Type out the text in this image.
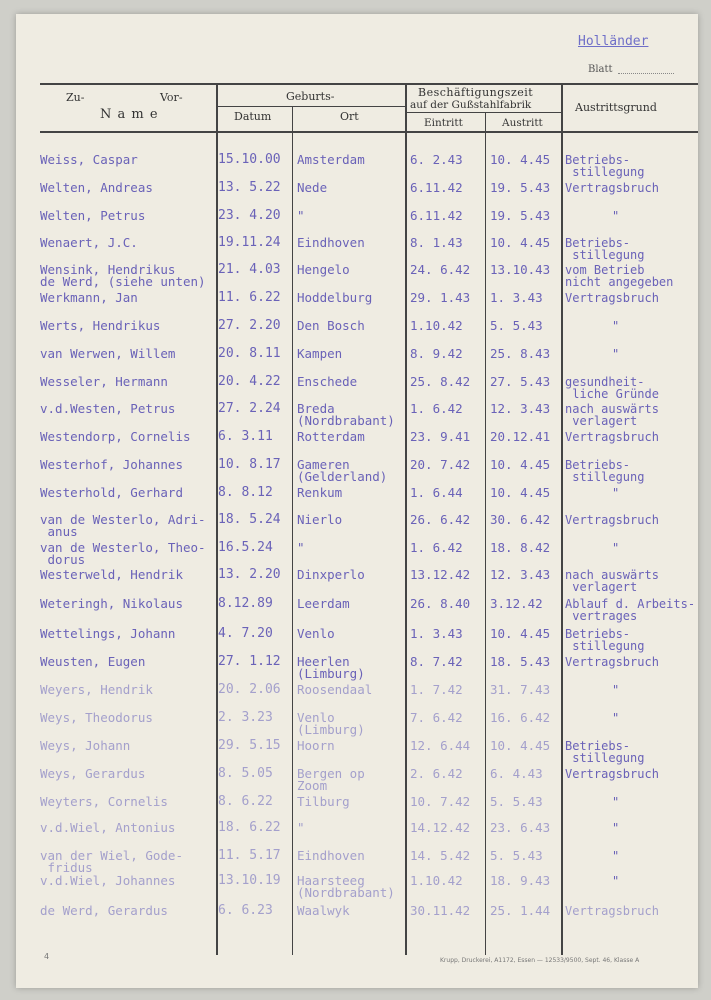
Holländer
Blatt
Zu-	Vor-
N a m e
Geburts-
Datum	Ort
Beschäftigungszeit
auf der Gußstahlfabrik
Eintritt	Austritt
Austrittsgrund
Weiss, Caspar	15.10.00 Amsterdam	6. 2.43 10. 4.45 Betriebs-
stillegung
Welten, Andreas	13. 5.22 Nede	6.11.42 19. 5.43 Vertragsbruch
Welten, Petrus	23. 4.20 "	6.11.42 19. 5.43	"
Wenaert, J.C.	19.11.24 Eindhoven	8. 1.43 10. 4.45 Betriebs-
stillegung
Wensink, Hendrikus
de Werd, (siehe unten)
21. 4.03 Hengelo	24. 6.42 13.10.43 vom Betrieb
nicht angegeben
Werkmann, Jan	11. 6.22 Hoddelburg	29. 1.43 1. 3.43 Vertragsbruch
Werts, Hendrikus	27. 2.20 Den Bosch	1.10.42 5. 5.43	"
van Werwen, Willem	20. 8.11 Kampen	8. 9.42 25. 8.43	"
Wesseler, Hermann	20. 4.22 Enschede	25. 8.42 27. 5.43 gesundheit-
liche Gründe
v.d.Westen, Petrus	27. 2.24 Breda
(Nordbrabant)
1. 6.42 12. 3.43 nach auswärts
verlagert
Westendorp, Cornelis 6. 3.11 Rotterdam	23. 9.41 20.12.41 Vertragsbruch
Westerhof, Johannes	10. 8.17 Gameren
(Gelderland)
20. 7.42 10. 4.45 Betriebs-
stillegung
Westerhold, Gerhard	8. 8.12 Renkum	1. 6.44 10. 4.45	"
van de Westerlo, Adri-
anus
18. 5.24 Nierlo	26. 6.42 30. 6.42 Vertragsbruch
van de Westerlo, Theo-
dorus
16.5.24 "	1. 6.42 18. 8.42	"
Westerweld, Hendrik	13. 2.20 Dinxperlo	13.12.42 12. 3.43 nach auswärts
verlagert
Weteringh, Nikolaus	8.12.89 Leerdam	26. 8.40 3.12.42 Ablauf d. Arbeits-
vertrages
Wettelings, Johann	4. 7.20 Venlo	1. 3.43 10. 4.45 Betriebs-
stillegung
Weusten, Eugen	27. 1.12 Heerlen
(Limburg)
8. 7.42 18. 5.43 Vertragsbruch
Weyers, Hendrik	20. 2.06 Roosendaal	1. 7.42 31. 7.43	"
Weys, Theodorus	2. 3.23 Venlo
(Limburg)
7. 6.42 16. 6.42	"
Weys, Johann	29. 5.15 Hoorn	12. 6.44 10. 4.45 Betriebs-
stillegung
Weys, Gerardus	8. 5.05 Bergen op
Zoom
2. 6.42 6. 4.43 Vertragsbruch
Weyters, Cornelis	8. 6.22 Tilburg	10. 7.42 5. 5.43	"
v.d.Wiel, Antonius	18. 6.22 "	14.12.42 23. 6.43	"
van der Wiel, Gode-
fridus
11. 5.17 Eindhoven	14. 5.42 5. 5.43	"
v.d.Wiel, Johannes	13.10.19 Haarsteeg
(Nordbrabant)
1.10.42 18. 9.43	"
de Werd, Gerardus	6. 6.23 Waalwyk	30.11.42 25. 1.44 Vertragsbruch
4	Krupp, Druckerei, A1172, Essen — 12533/9500, Sept. 46, Klasse A
